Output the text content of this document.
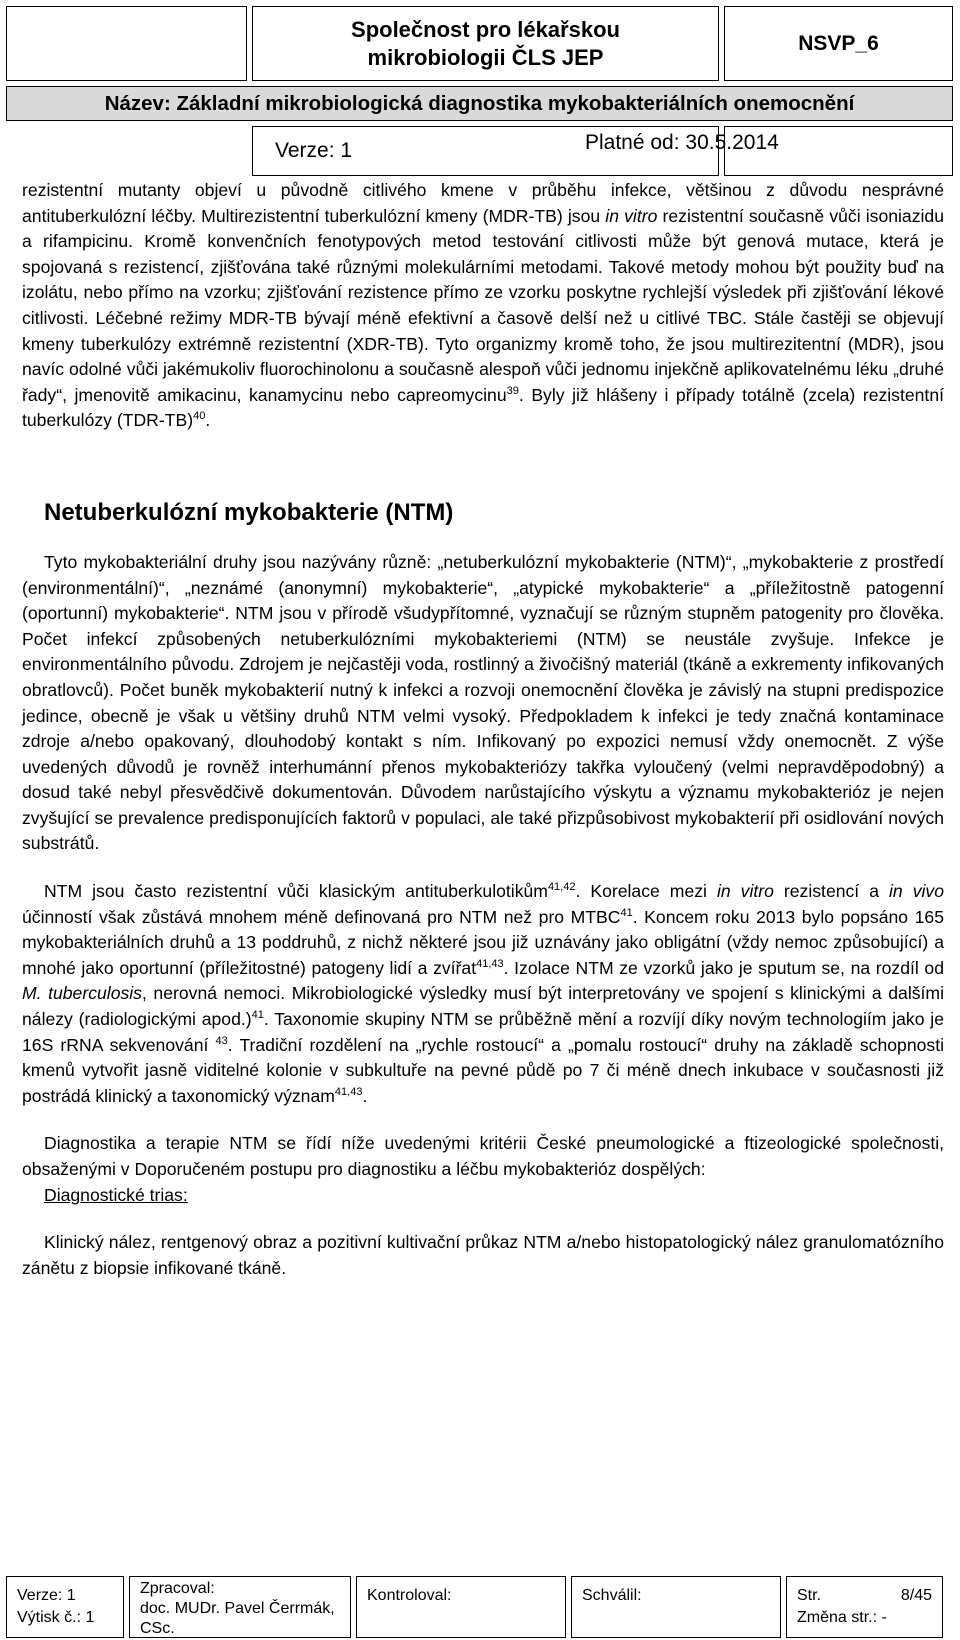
Společnost pro lékařskou
mikrobiologii ČLS JEP
NSVP_6
Název: Základní mikrobiologická diagnostika mykobakteriálních onemocnění
Verze: 1	Platné od: 30.5.2014

rezistentní mutanty objeví u původně citlivého kmene v průběhu infekce, většinou z důvodu nesprávné antituberkulózní léčby. Multirezistentní tuberkulózní kmeny (MDR-TB) jsou in vitro rezistentní současně vůči isoniazidu a rifampicinu. Kromě konvenčních fenotypových metod testování citlivosti může být genová mutace, která je spojovaná s rezistencí, zjišťována také různými molekulárními metodami. Takové metody mohou být použity buď na izolátu, nebo přímo na vzorku; zjišťování rezistence přímo ze vzorku poskytne rychlejší výsledek při zjišťování lékové citlivosti. Léčebné režimy MDR-TB bývají méně efektivní a časově delší než u citlivé TBC. Stále častěji se objevují kmeny tuberkulózy extrémně rezistentní (XDR-TB). Tyto organizmy kromě toho, že jsou multirezitentní (MDR), jsou navíc odolné vůči jakémukoliv fluorochinolonu a současně alespoň vůči jednomu injekčně aplikovatelnému léku „druhé řady“, jmenovitě amikacinu, kanamycinu nebo capreomycinu$^{39}$. Byly již hlášeny i případy totálně (zcela) rezistentní tuberkulózy $(TDR-TB)^{40}$.

Netuberkulózní mykobakterie (NTM)

Tyto mykobakteriální druhy jsou nazývány různě: „netuberkulózní mykobakterie (NTM)“, „mykobakterie z prostředí (environmentální)“, „neznámé (anonymní) mykobakterie“, „atypické mykobakterie“ a „příležitostně patogenní (oportunní) mykobakterie“. NTM jsou v přírodě všudypřítomné, vyznačují se různým stupněm patogenity pro člověka. Počet infekcí způsobených netuberkulózními mykobakteriemi (NTM) se neustále zvyšuje. Infekce je environmentálního původu. Zdrojem je nejčastěji voda, rostlinný a živočišný materiál (tkáně a exkrementy infikovaných obratlovců). Počet buněk mykobakterií nutný k infekci a rozvoji onemocnění člověka je závislý na stupni predispozice jedince, obecně je však u většiny druhů NTM velmi vysoký. Předpokladem k infekci je tedy značná kontaminace zdroje a/nebo opakovaný, dlouhodobý kontakt s ním. Infikovaný po expozici nemusí vždy onemocnět. Z výše uvedených důvodů je rovněž interhumánní přenos mykobakteriózy takřka vyloučený (velmi nepravděpodobný) a dosud také nebyl přesvědčivě dokumentován. Důvodem narůstajícího výskytu a významu mykobakterióz je nejen zvyšující se prevalence predisponujících faktorů v populaci, ale také přizpůsobivost mykobakterií při osidlování nových substrátů.

NTM jsou často rezistentní vůči klasickým antituberkulotikům$^{41,42}$. Korelace mezi in vitro rezistencí a in vivo účinností však zůstává mnohem méně definovaná pro NTM než pro MTBC$^{41}$. Koncem roku 2013 bylo popsáno 165 mykobakteriálních druhů a 13 poddruhů, z nichž některé jsou již uznávány jako obligátní (vždy nemoc způsobující) a mnohé jako oportunní (příležitostné) patogeny lidí a zvířat$^{41,43}$. Izolace NTM ze vzorků jako je sputum se, na rozdíl od M. tuberculosis, nerovná nemoci. Mikrobiologické výsledky musí být interpretovány ve spojení s klinickými a dalšími nálezy (radiologickými apod.)$^{41}$. Taxonomie skupiny NTM se průběžně mění a rozvíjí díky novým technologiím jako je 16S rRNA sekvenování $^{43}$. Tradiční rozdělení na „rychle rostoucí“ a „pomalu rostoucí“ druhy na základě schopnosti kmenů vytvořit jasně viditelné kolonie v subkultuře na pevné půdě po 7 či méně dnech inkubace v současnosti již postrádá klinický a taxonomický význam$^{41,43}$.

Diagnostika a terapie NTM se řídí níže uvedenými kritérii České pneumologické a ftizeologické společnosti, obsaženými v Doporučeném postupu pro diagnostiku a léčbu mykobakterióz dospělých:

Diagnostické trias:

Klinický nález, rentgenový obraz a pozitivní kultivační průkaz NTM a/nebo histopatologický nález granulomatózního zánětu z biopsie infikované tkáně.

Verze: 1
Výtisk č.: 1
Zpracoval:
doc. MUDr. Pavel Čerrmák,
CSc.
Kontroloval:	Schválil:	Str.	8/45
Změna str.: -
